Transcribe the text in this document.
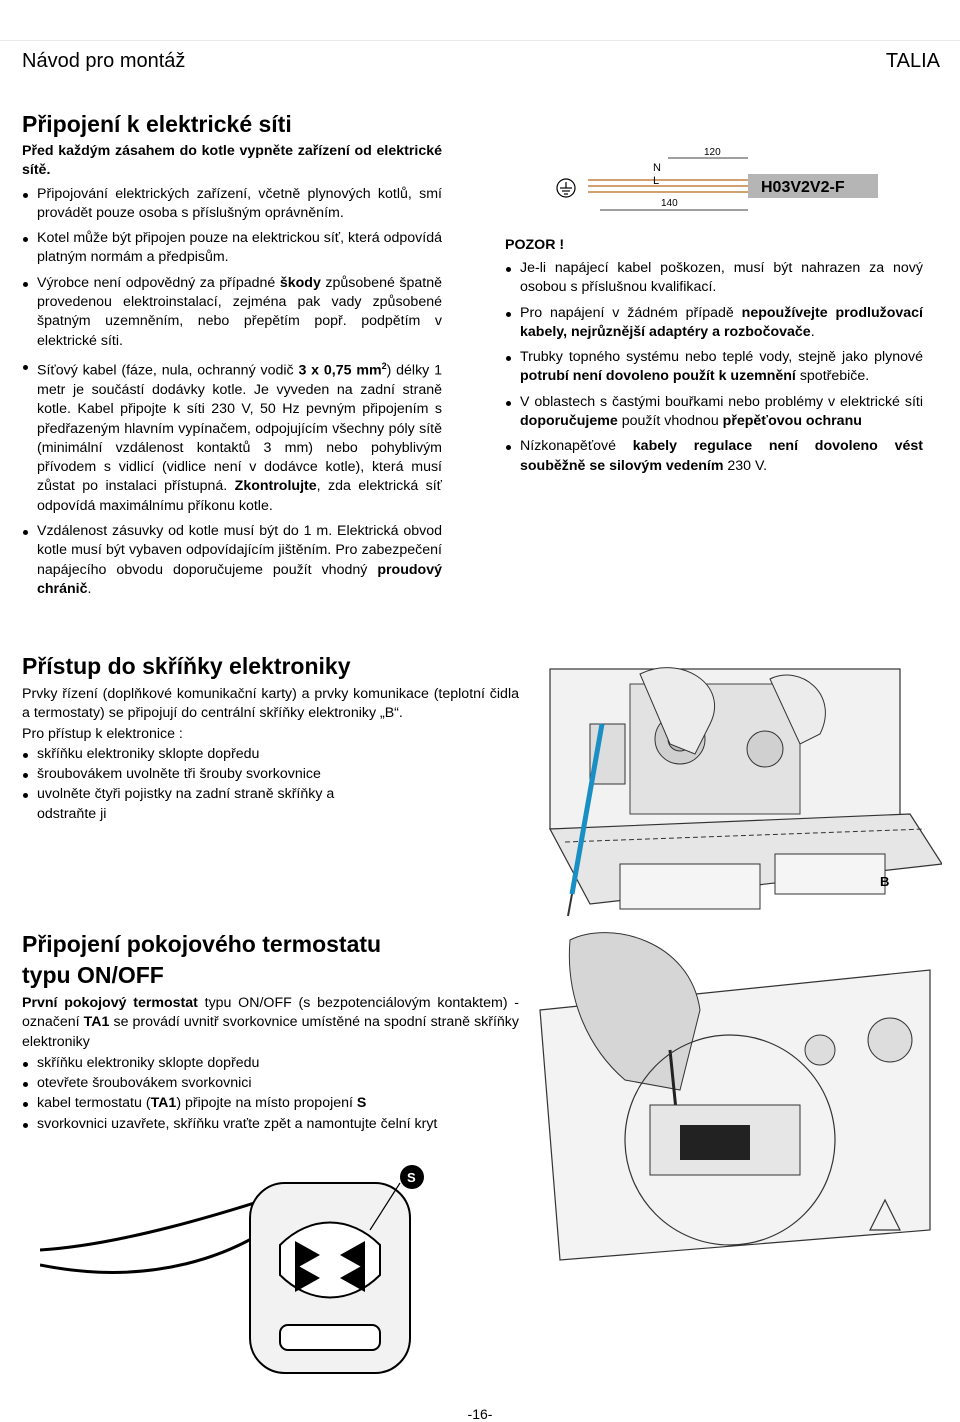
Návod pro montáž	TALIA
Připojení k elektrické síti
Před každým zásahem do kotle vypněte zařízení od elektrické sítě.
Připojování elektrických zařízení, včetně plynových kotlů, smí provádět pouze osoba s příslušným oprávněním.
Kotel může být připojen pouze na elektrickou síť, která odpovídá platným normám a předpisům.
Výrobce není odpovědný za případné škody způsobené špatně provedenou elektroinstalací, zejména pak vady způsobené špatným uzemněním, nebo přepětím popř. podpětím v elektrické síti.
Síťový kabel (fáze, nula, ochranný vodič 3 x 0,75 $mm^2$) délky 1 metr je součástí dodávky kotle. Je vyveden na zadní straně kotle. Kabel připojte k síti 230 V, 50 Hz pevným připojením s předřazeným hlavním vypínačem, odpojujícím všechny póly sítě (minimální vzdálenost kontaktů 3 mm) nebo pohyblivým přívodem s vidlicí (vidlice není v dodávce kotle), která musí zůstat po instalaci přístupná. Zkontrolujte, zda elektrická síť odpovídá maximálnímu příkonu kotle.
Vzdálenost zásuvky od kotle musí být do 1 m. Elektrická obvod kotle musí být vybaven odpovídajícím jištěním. Pro zabezpečení napájecího obvodu doporučujeme použít vhodný proudový chránič.
H03V2V2-F
N
L
120
140
POZOR !
Je-li napájecí kabel poškozen, musí být nahrazen za nový osobou s příslušnou kvalifikací.
Pro napájení v žádném případě nepoužívejte prodlužovací kabely, nejrůznější adaptéry a rozbočovače.
Trubky topného systému nebo teplé vody, stejně jako plynové potrubí není dovoleno použít k uzemnění spotřebiče.
V oblastech s častými bouřkami nebo problémy v elektrické síti doporučujeme použít vhodnou přepěťovou ochranu
Nízkonapěťové kabely regulace není dovoleno vést souběžně se silovým vedením 230 V.
Přístup do skříňky elektroniky
Prvky řízení (doplňkové komunikační karty) a prvky komunikace (teplotní čidla a termostaty) se připojují do centrální skříňky elektroniky „B“.
Pro přístup k elektronice :
skříňku elektroniky sklopte dopředu
šroubovákem uvolněte tři šrouby svorkovnice
uvolněte čtyři pojistky na zadní straně skříňky a odstraňte ji
B
Připojení pokojového termostatu
typu ON/OFF
První pokojový termostat typu ON/OFF (s bezpotenciálovým kontaktem) - označení TA1 se provádí uvnitř svorkovnice umístěné na spodní straně skříňky elektroniky
skříňku elektroniky sklopte dopředu
otevřete šroubovákem svorkovnici
kabel termostatu (TA1) připojte na místo propojení S
svorkovnici uzavřete, skříňku vraťte zpět a namontujte čelní kryt
S
-16-
